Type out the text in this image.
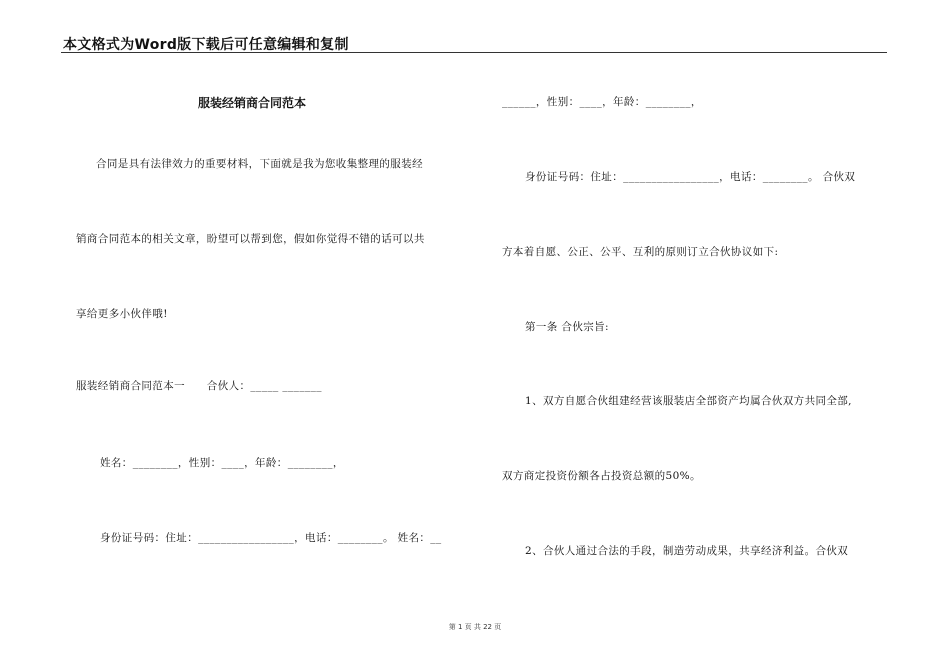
本文格式为Word版下载后可任意编辑和复制
服装经销商合同范本
合同是具有法律效力的重要材料，下面就是我为您收集整理的服装经
销商合同范本的相关文章，盼望可以帮到您，假如你觉得不错的话可以共
享给更多小伙伴哦!
服装经销商合同范本一　　合伙人：_____ _______
姓名：________，性别：____，年龄：________，
身份证号码：住址：_________________，电话：________。 姓名：__
______，性别：____，年龄：________，
身份证号码：住址：_________________，电话：________。 合伙双
方本着自愿、公正、公平、互利的原则订立合伙协议如下:
第一条 合伙宗旨:
1、双方自愿合伙组建经营该服装店全部资产均属合伙双方共同全部,
双方商定投资份额各占投资总额的50%。
2、合伙人通过合法的手段，制造劳动成果，共享经济利益。合伙双
第 1 页 共 22 页
